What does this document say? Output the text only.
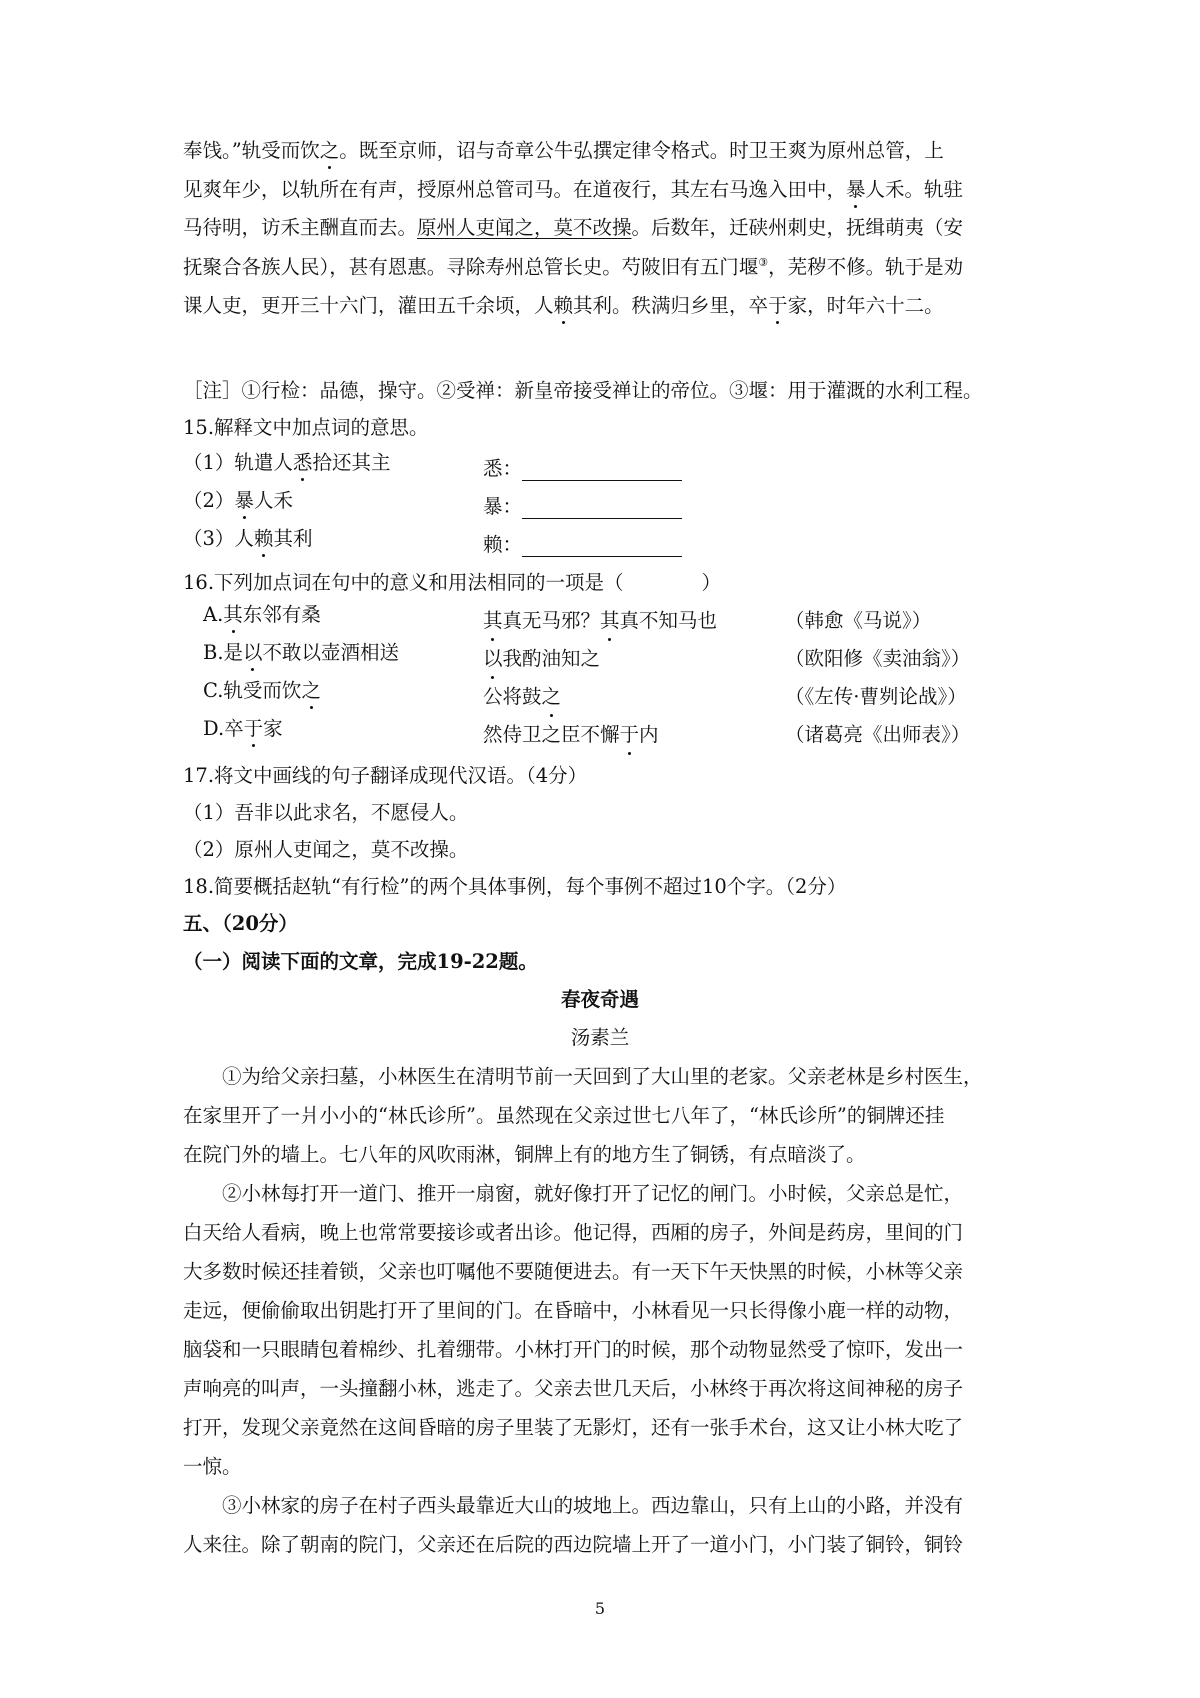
奉饯。”轨受而饮之。既至京师，诏与奇章公牛弘撰定律令格式。时卫王爽为原州总管，上
见爽年少，以轨所在有声，授原州总管司马。在道夜行，其左右马逸入田中，暴人禾。轨驻
马待明，访禾主酬直而去。原州人吏闻之，莫不改操。后数年，迁硖州刺史，抚缉萌夷（安
抚聚合各族人民），甚有恩惠。寻除寿州总管长史。芍陂旧有五门堰③，芜秽不修。轨于是劝
课人吏，更开三十六门，灌田五千余顷，人赖其利。秩满归乡里，卒于家，时年六十二。
［注］①行检：品德，操守。②受禅：新皇帝接受禅让的帝位。③堰：用于灌溉的水利工程。
15.解释文中加点词的意思。
（1）轨遣人悉拾还其主	悉：
（2）暴人禾	暴：
（3）人赖其利	赖：
16.下列加点词在句中的意义和用法相同的一项是（　　　　）
A.其东邻有桑	其真无马邪？其真不知马也	（韩愈《马说》）
B.是以不敢以壶酒相送	以我酌油知之	（欧阳修《卖油翁》）
C.轨受而饮之	公将鼓之	（《左传·曹刿论战》）
D.卒于家	然侍卫之臣不懈于内	（诸葛亮《出师表》）
17.将文中画线的句子翻译成现代汉语。（4分）
（1）吾非以此求名，不愿侵人。
（2）原州人吏闻之，莫不改操。
18.简要概括赵轨“有行检”的两个具体事例，每个事例不超过10个字。（2分）
五、（20分）
（一）阅读下面的文章，完成19-22题。
春夜奇遇
汤素兰
①为给父亲扫墓，小林医生在清明节前一天回到了大山里的老家。父亲老林是乡村医生，
在家里开了一爿小小的“林氏诊所”。虽然现在父亲过世七八年了，“林氏诊所”的铜牌还挂
在院门外的墙上。七八年的风吹雨淋，铜牌上有的地方生了铜锈，有点暗淡了。
②小林每打开一道门、推开一扇窗，就好像打开了记忆的闸门。小时候，父亲总是忙，
白天给人看病，晚上也常常要接诊或者出诊。他记得，西厢的房子，外间是药房，里间的门
大多数时候还挂着锁，父亲也叮嘱他不要随便进去。有一天下午天快黑的时候，小林等父亲
走远，便偷偷取出钥匙打开了里间的门。在昏暗中，小林看见一只长得像小鹿一样的动物，
脑袋和一只眼睛包着棉纱、扎着绷带。小林打开门的时候，那个动物显然受了惊吓，发出一
声响亮的叫声，一头撞翻小林，逃走了。父亲去世几天后，小林终于再次将这间神秘的房子
打开，发现父亲竟然在这间昏暗的房子里装了无影灯，还有一张手术台，这又让小林大吃了
一惊。
③小林家的房子在村子西头最靠近大山的坡地上。西边靠山，只有上山的小路，并没有
人来往。除了朝南的院门，父亲还在后院的西边院墙上开了一道小门，小门装了铜铃，铜铃
5
